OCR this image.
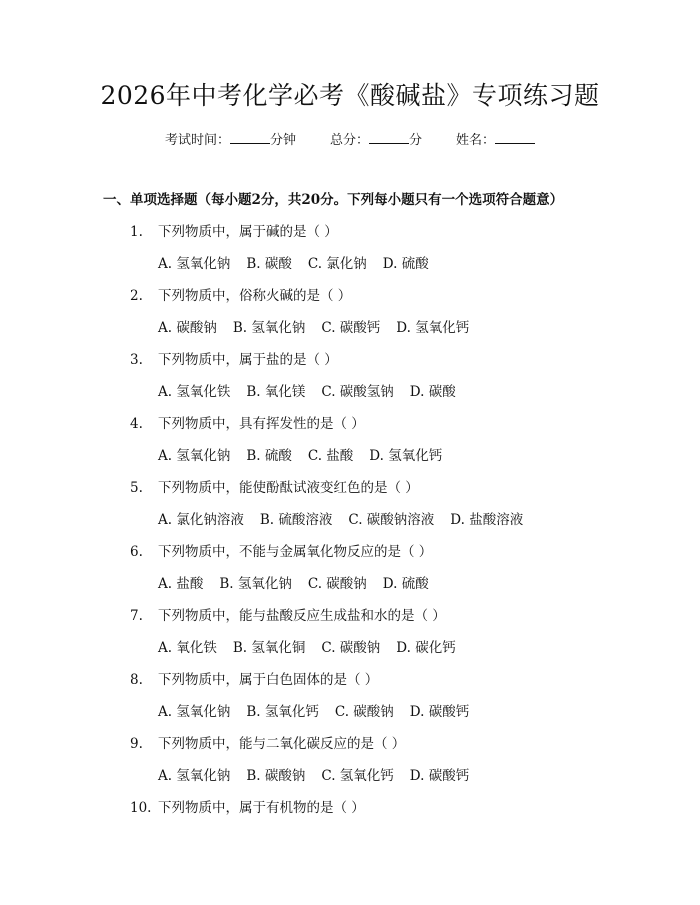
2026年中考化学必考《酸碱盐》专项练习题
考试时间：	分钟	总分：	分	姓名：
一、单项选择题（每小题2分，共20分。下列每小题只有一个选项符合题意）
1. 下列物质中，属于碱的是（ ）
A. 氢氧化钠 B. 碳酸 C. 氯化钠 D. 硫酸
2. 下列物质中，俗称火碱的是（ ）
A. 碳酸钠 B. 氢氧化钠 C. 碳酸钙 D. 氢氧化钙
3. 下列物质中，属于盐的是（ ）
A. 氢氧化铁 B. 氧化镁 C. 碳酸氢钠 D. 碳酸
4. 下列物质中，具有挥发性的是（ ）
A. 氢氧化钠 B. 硫酸 C. 盐酸 D. 氢氧化钙
5. 下列物质中，能使酚酞试液变红色的是（ ）
A. 氯化钠溶液 B. 硫酸溶液 C. 碳酸钠溶液 D. 盐酸溶液
6. 下列物质中，不能与金属氧化物反应的是（ ）
A. 盐酸 B. 氢氧化钠 C. 碳酸钠 D. 硫酸
7. 下列物质中，能与盐酸反应生成盐和水的是（ ）
A. 氧化铁 B. 氢氧化铜 C. 碳酸钠 D. 碳化钙
8. 下列物质中，属于白色固体的是（ ）
A. 氢氧化钠 B. 氢氧化钙 C. 碳酸钠 D. 碳酸钙
9. 下列物质中，能与二氧化碳反应的是（ ）
A. 氢氧化钠 B. 碳酸钠 C. 氢氧化钙 D. 碳酸钙
10. 下列物质中，属于有机物的是（ ）
